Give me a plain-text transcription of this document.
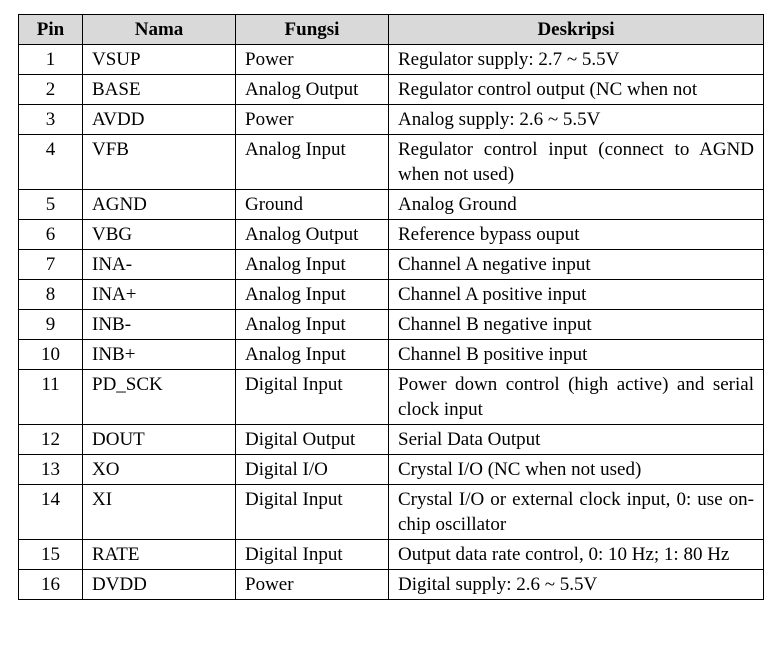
Pin	Nama	Fungsi	Deskripsi
1	VSUP	Power	Regulator supply: 2.7 ~ 5.5V
2	BASE	Analog Output	Regulator control output (NC when not
3	AVDD	Power	Analog supply: 2.6 ~ 5.5V
4	VFB	Analog Input	Regulator control input (connect to AGND when not used)
5	AGND	Ground	Analog Ground
6	VBG	Analog Output	Reference bypass ouput
7	INA-	Analog Input	Channel A negative input
8	INA+	Analog Input	Channel A positive input
9	INB-	Analog Input	Channel B negative input
10	INB+	Analog Input	Channel B positive input
11	PD_SCK	Digital Input	Power down control (high active) and serial clock input
12	DOUT	Digital Output	Serial Data Output
13	XO	Digital I/O	Crystal I/O (NC when not used)
14	XI	Digital Input	Crystal I/O or external clock input, 0: use on-chip oscillator
15	RATE	Digital Input	Output data rate control, 0: 10 Hz; 1: 80 Hz
16	DVDD	Power	Digital supply: 2.6 ~ 5.5V
